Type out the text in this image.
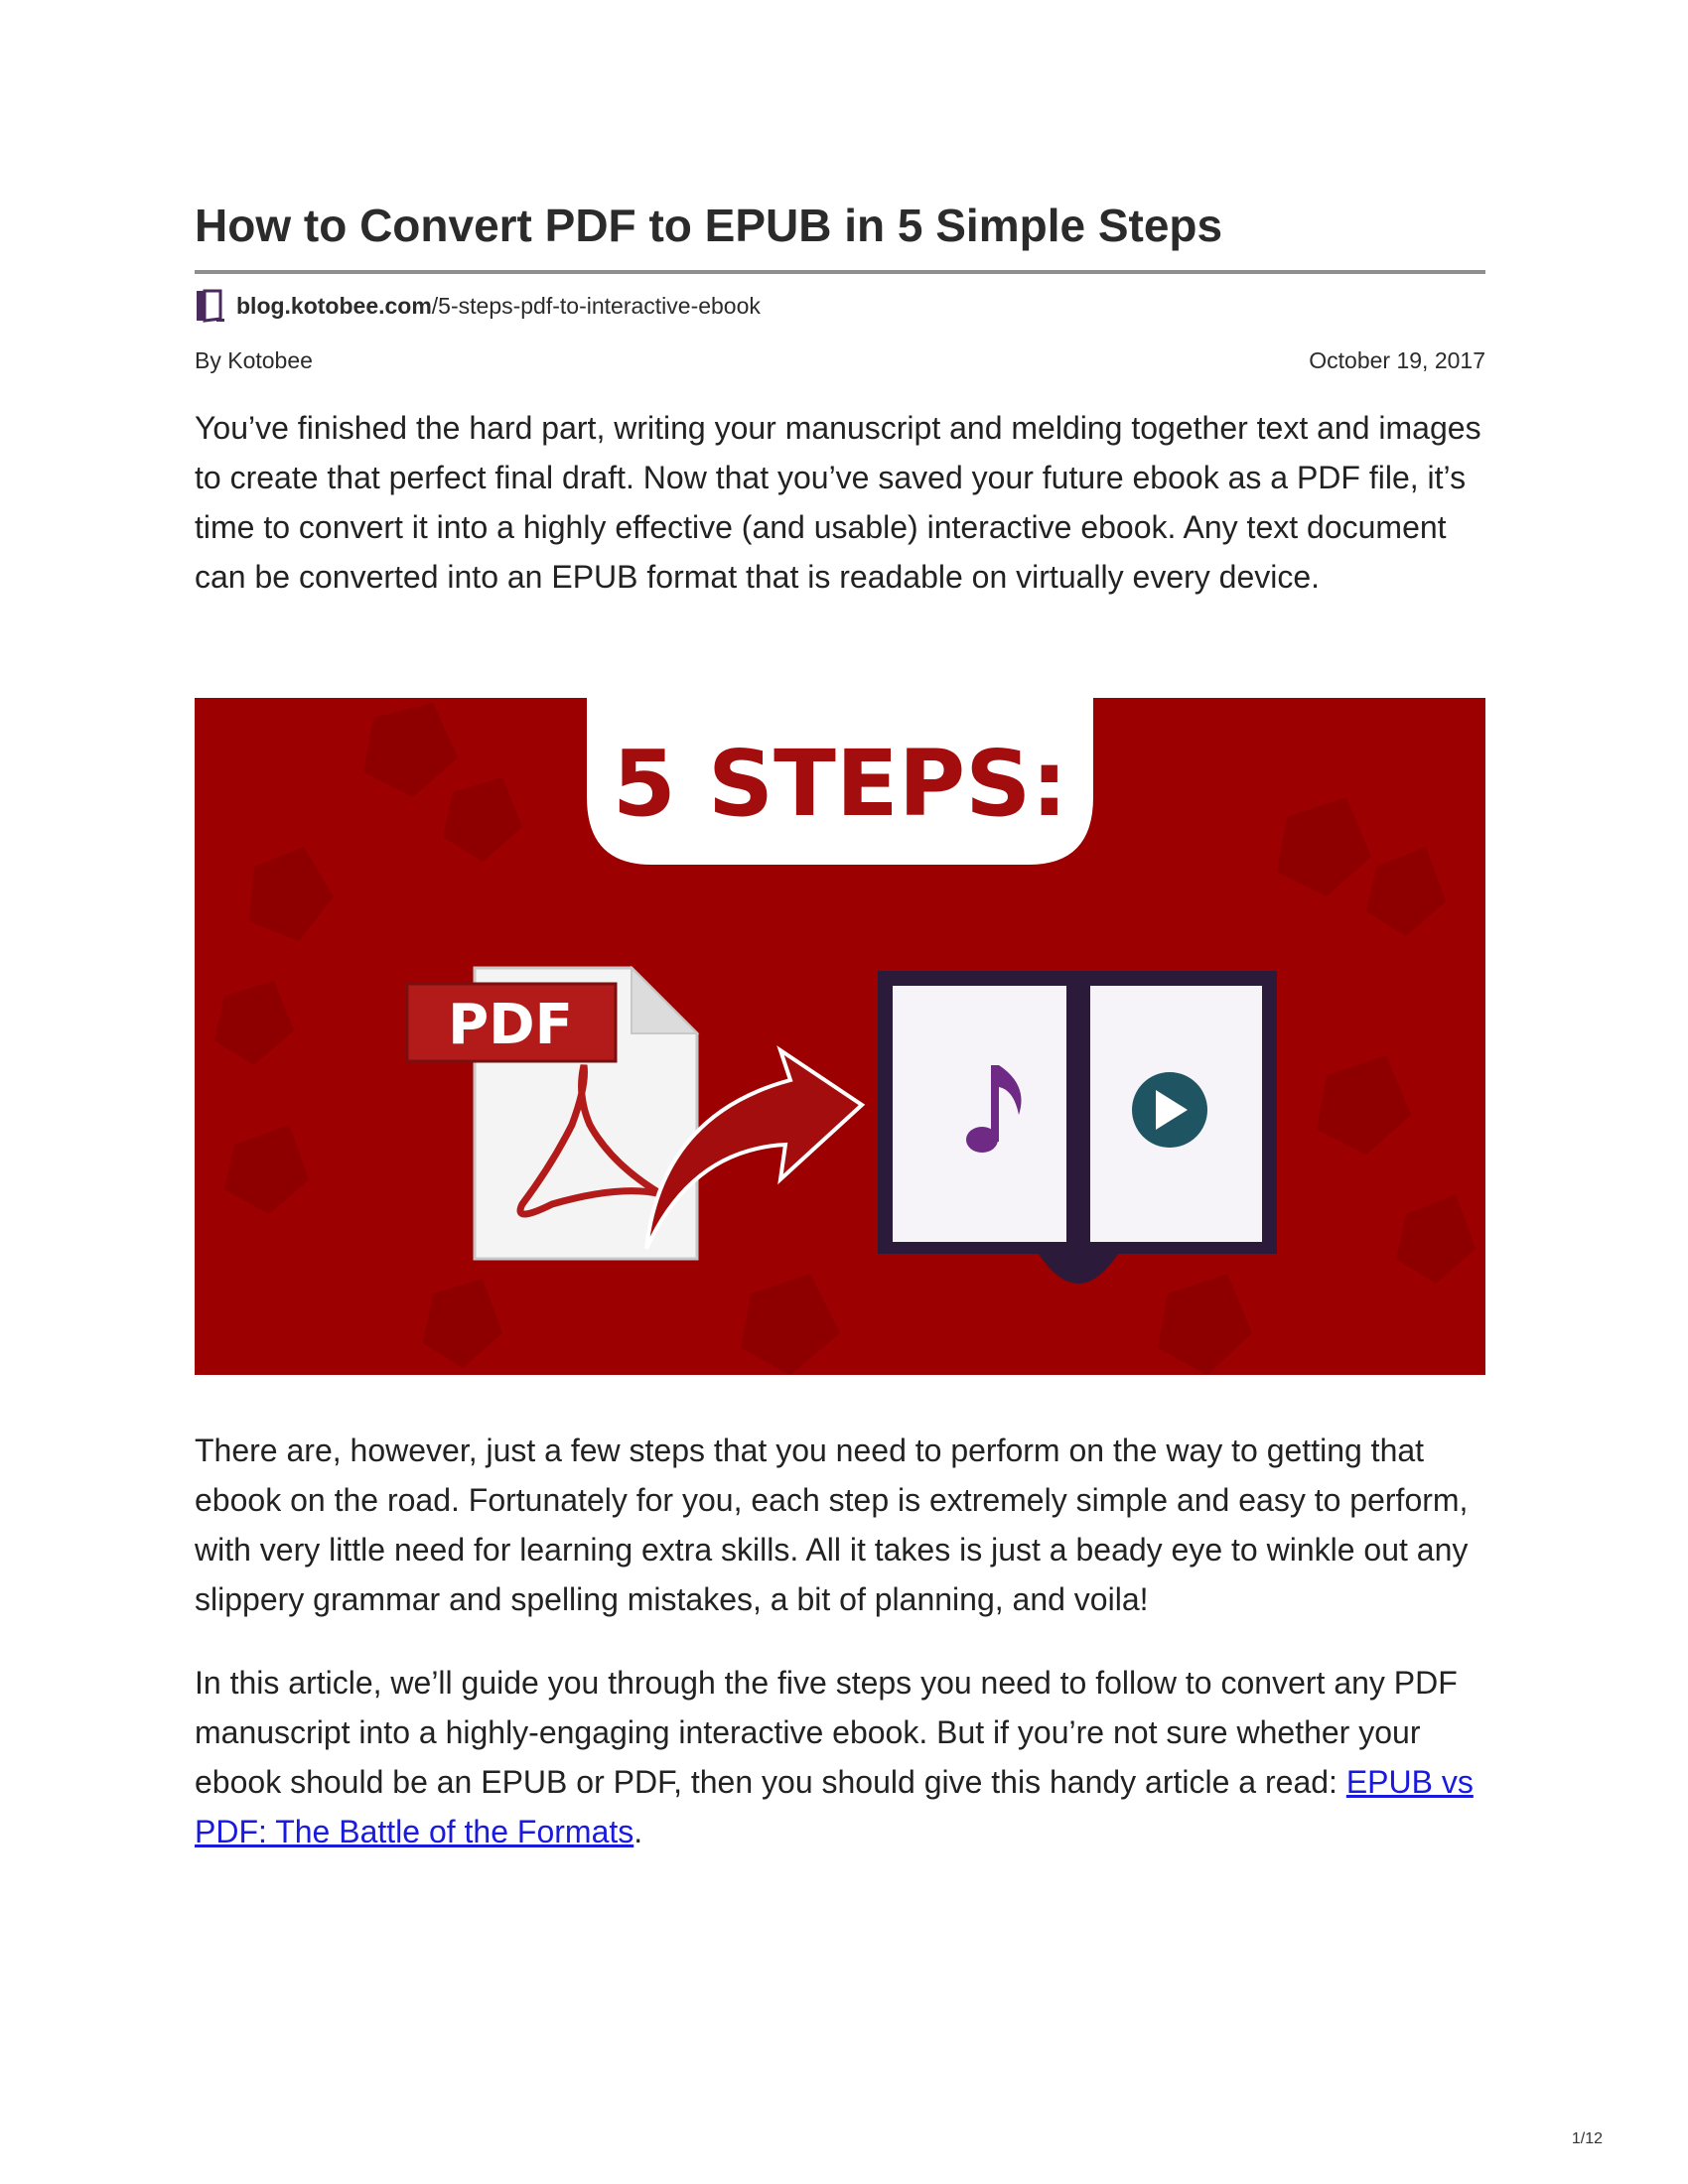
How to Convert PDF to EPUB in 5 Simple Steps
blog.kotobee.com /5-steps-pdf-to-interactive-ebook
By Kotobee	October 19, 2017
You’ve finished the hard part, writing your manuscript and melding together text and images to create that perfect final draft. Now that you’ve saved your future ebook as a PDF file, it’s time to convert it into a highly effective (and usable) interactive ebook. Any text document can be converted into an EPUB format that is readable on virtually every device.
5 STEPS:
PDF
There are, however, just a few steps that you need to perform on the way to getting that ebook on the road. Fortunately for you, each step is extremely simple and easy to perform, with very little need for learning extra skills. All it takes is just a beady eye to winkle out any slippery grammar and spelling mistakes, a bit of planning, and voila!
In this article, we’ll guide you through the five steps you need to follow to convert any PDF manuscript into a highly-engaging interactive ebook. But if you’re not sure whether your ebook should be an EPUB or PDF, then you should give this handy article a read: EPUB vs PDF: The Battle of the Formats.
1/12
